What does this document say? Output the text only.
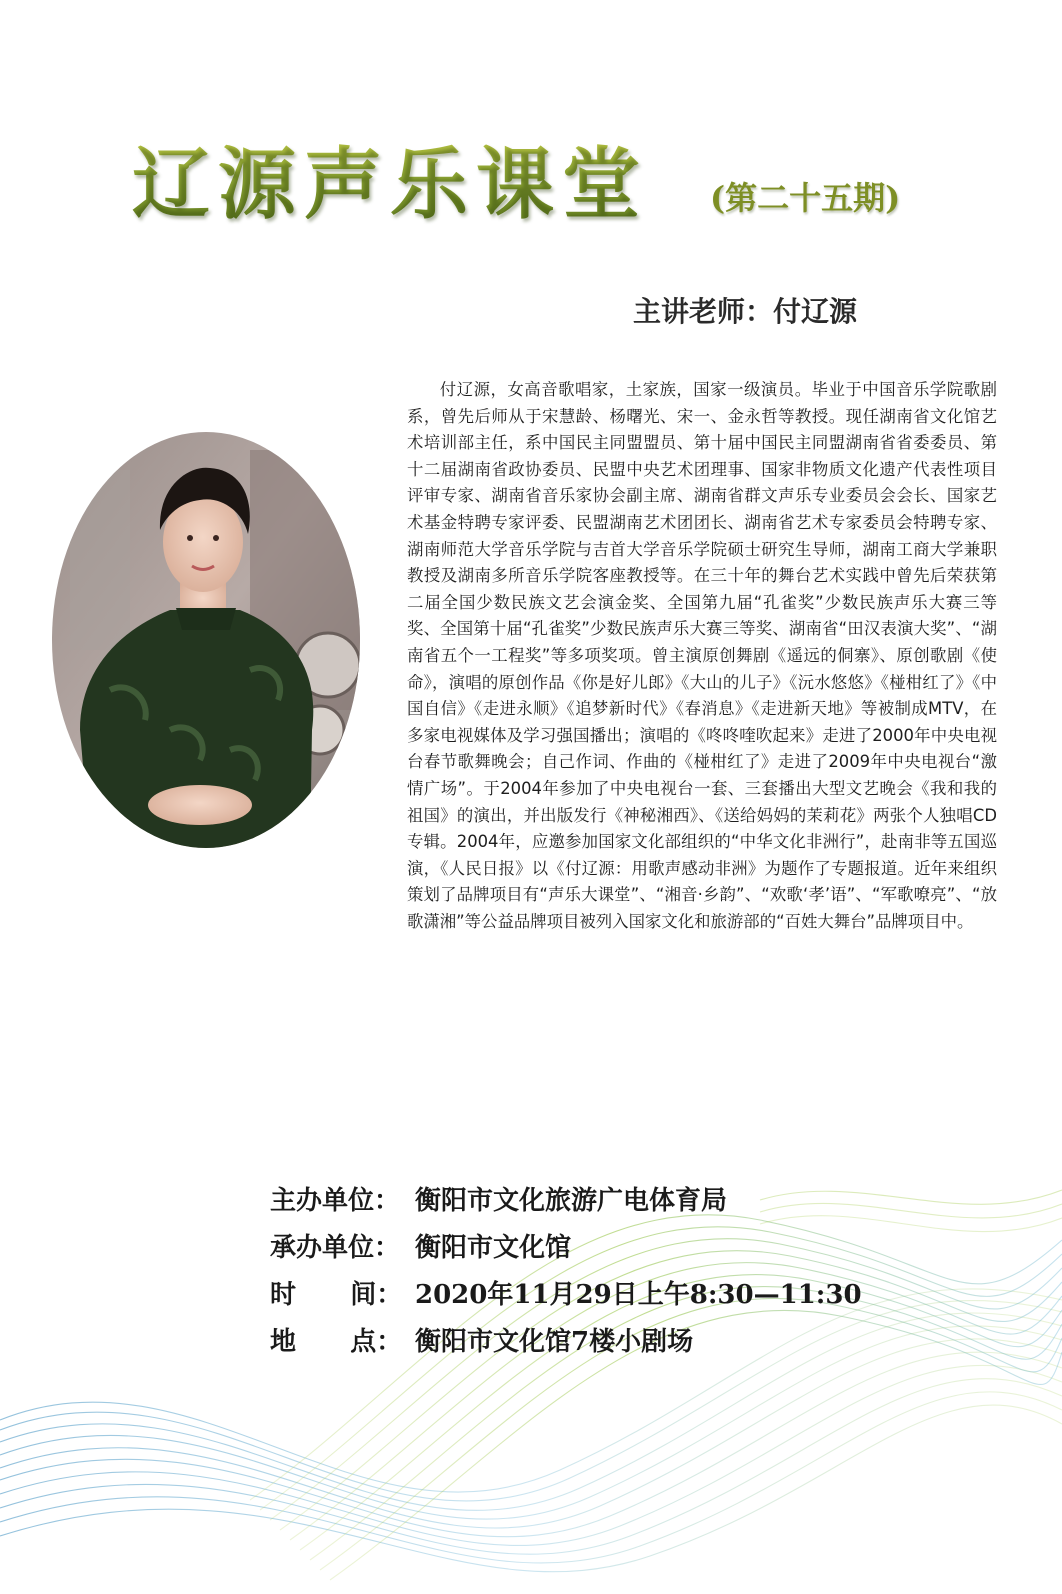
辽源声乐课堂 (第二十五期)
主讲老师：付辽源

付辽源，女高音歌唱家，土家族，国家一级演员。毕业于中国音乐学院歌剧系，曾先后师从于宋慧龄、杨曙光、宋一、金永哲等教授。现任湖南省文化馆艺术培训部主任，系中国民主同盟盟员、第十届中国民主同盟湖南省省委委员、第十二届湖南省政协委员、民盟中央艺术团理事、国家非物质文化遗产代表性项目评审专家、湖南省音乐家协会副主席、湖南省群文声乐专业委员会会长、国家艺术基金特聘专家评委、民盟湖南艺术团团长、湖南省艺术专家委员会特聘专家、湖南师范大学音乐学院与吉首大学音乐学院硕士研究生导师，湖南工商大学兼职教授及湖南多所音乐学院客座教授等。在三十年的舞台艺术实践中曾先后荣获第二届全国少数民族文艺会演金奖、全国第九届“孔雀奖”少数民族声乐大赛三等奖、全国第十届“孔雀奖”少数民族声乐大赛三等奖、湖南省“田汉表演大奖”、“湖南省五个一工程奖”等多项奖项。曾主演原创舞剧《遥远的侗寨》、原创歌剧《使命》，演唱的原创作品《你是好儿郎》《大山的儿子》《沅水悠悠》《椪柑红了》《中国自信》《走进永顺》《追梦新时代》《春消息》《走进新天地》等被制成MTV，在多家电视媒体及学习强国播出；演唱的《咚咚喹吹起来》走进了2000年中央电视台春节歌舞晚会；自己作词、作曲的《椪柑红了》走进了2009年中央电视台“激情广场”。于2004年参加了中央电视台一套、三套播出大型文艺晚会《我和我的祖国》的演出，并出版发行《神秘湘西》、《送给妈妈的茉莉花》两张个人独唱CD专辑。2004年，应邀参加国家文化部组织的“中华文化非洲行”，赴南非等五国巡演，《人民日报》以《付辽源：用歌声感动非洲》为题作了专题报道。近年来组织策划了品牌项目有“声乐大课堂”、“湘音·乡韵”、“欢歌‘孝’语”、“军歌嘹亮”、“放歌潇湘”等公益品牌项目被列入国家文化和旅游部的“百姓大舞台”品牌项目中。

主办单位： 衡阳市文化旅游广电体育局
承办单位： 衡阳市文化馆
时      间： 2020年11月29日上午8:30—11:30
地      点： 衡阳市文化馆7楼小剧场
